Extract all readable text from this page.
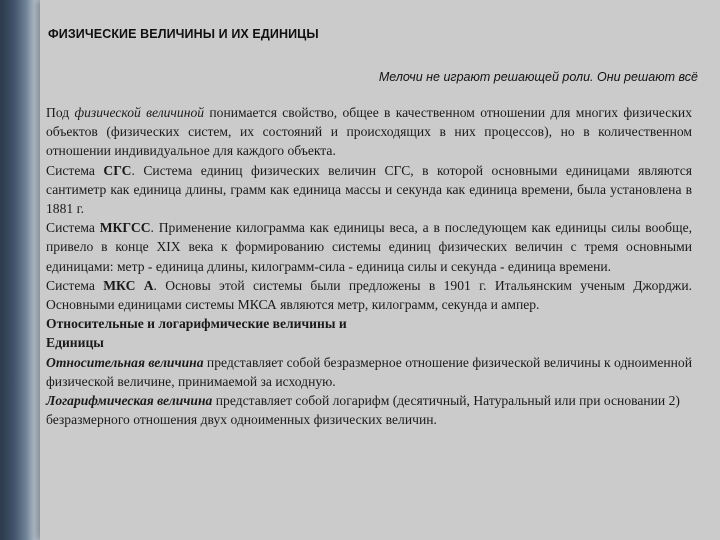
ФИЗИЧЕСКИЕ ВЕЛИЧИНЫ И ИХ ЕДИНИЦЫ
Мелочи не играют решающей роли. Они решают всё

Под физической величиной понимается свойство, общее в качественном отношении для многих физических объектов (физических систем, их состояний и происходящих в них процессов), но в количественном отношении индивидуальное для каждого объекта.

Система СГС. Система единиц физических величин СГС, в которой основными единицами являются сантиметр как единица длины, грамм как единица массы и секунда как единица времени, была установлена в 1881 г.

Система МКГСС. Применение килограмма как единицы веса, а в последующем как единицы силы вообще, привело в конце XIX века к формированию системы единиц физических величин с тремя основными единицами: метр - единица длины, килограмм-сила - единица силы и секунда - единица времени.

Система МКС А. Основы этой системы были предложены в 1901 г. Итальянским ученым Джорджи. Основными единицами системы МКСА являются метр, килограмм, секунда и ампер.

Относительные и логарифмические величины и
Единицы

Относительная величина представляет собой безразмерное отношение физической величины к одноименной физической величине, принимаемой за исходную.

Логарифмическая величина представляет собой логарифм (десятичный, Натуральный или при основании 2) безразмерного отношения двух одноименных физических величин.
